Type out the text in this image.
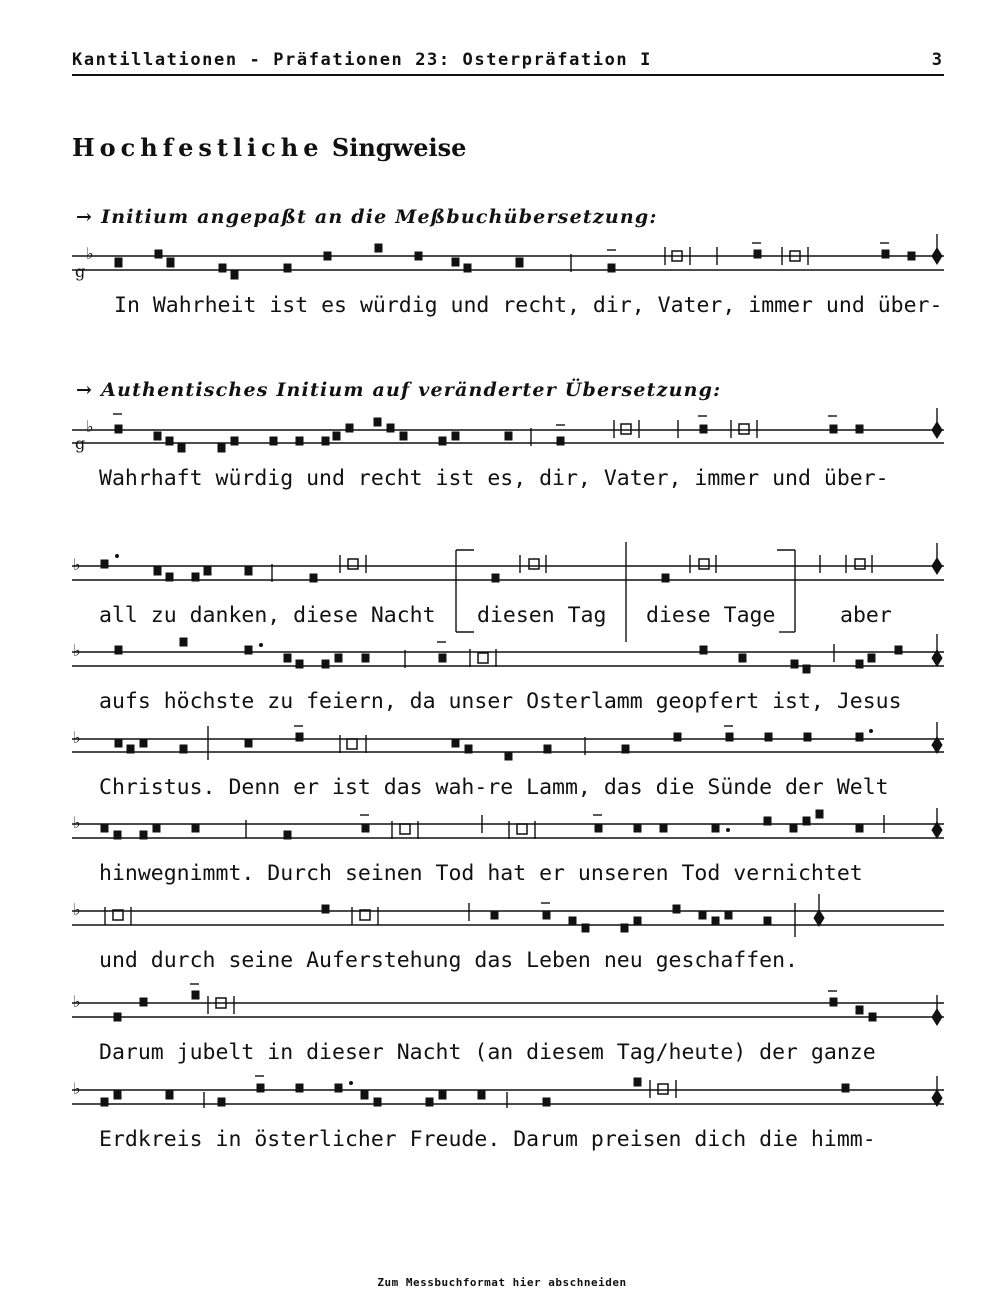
Kantillationen - Präfationen 23: Osterpräfation I	3
Hochfestliche Singweise
→ Initium angepaßt an die Meßbuchübersetzung:
→ Authentisches Initium auf veränderter Übersetzung:
♭
g
♭
g
♭
♭
♭
♭
♭
♭
♭
In Wahrheit ist es würdig und recht, dir, Vater, immer und über-
Wahrhaft würdig und recht ist es, dir, Vater, immer und über-
all zu danken, diese Nacht diesen Tag diese Tage	aber
aufs höchste zu feiern, da unser Osterlamm geopfert ist, Jesus
Christus. Denn er ist das wah-re Lamm, das die Sünde der Welt
hinwegnimmt. Durch seinen Tod hat er unseren Tod vernichtet
und durch seine Auferstehung das Leben neu geschaffen.
Darum jubelt in dieser Nacht (an diesem Tag/heute) der ganze
Erdkreis in österlicher Freude. Darum preisen dich die himm-
Zum Messbuchformat hier abschneiden
